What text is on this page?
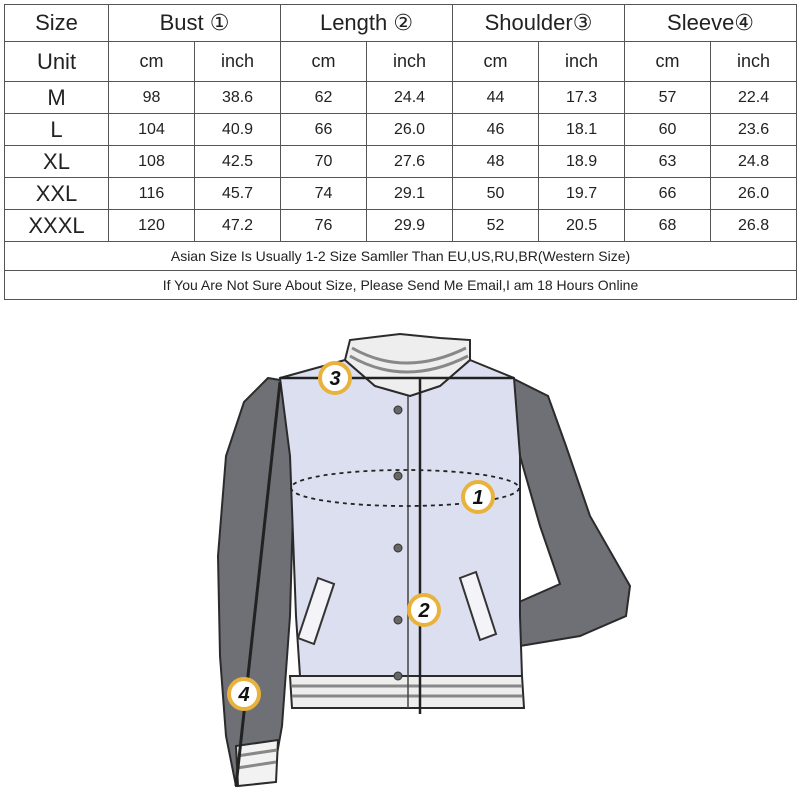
Size	Bust ①		Length ②		Shoulder③		Sleeve④	
Unit	cm	inch	cm	inch	cm	inch	cm	inch
M	98	38.6	62	24.4	44	17.3	57	22.4
L	104	40.9	66	26.0	46	18.1	60	23.6
XL	108	42.5	70	27.6	48	18.9	63	24.8
XXL	116	45.7	74	29.1	50	19.7	66	26.0
XXXL	120	47.2	76	29.9	52	20.5	68	26.8
Asian Size Is Usually 1-2 Size Samller Than EU,US,RU,BR(Western Size)								
If You Are Not Sure About Size, Please Send Me Email,I am 18 Hours Online								
1
2
3
4
